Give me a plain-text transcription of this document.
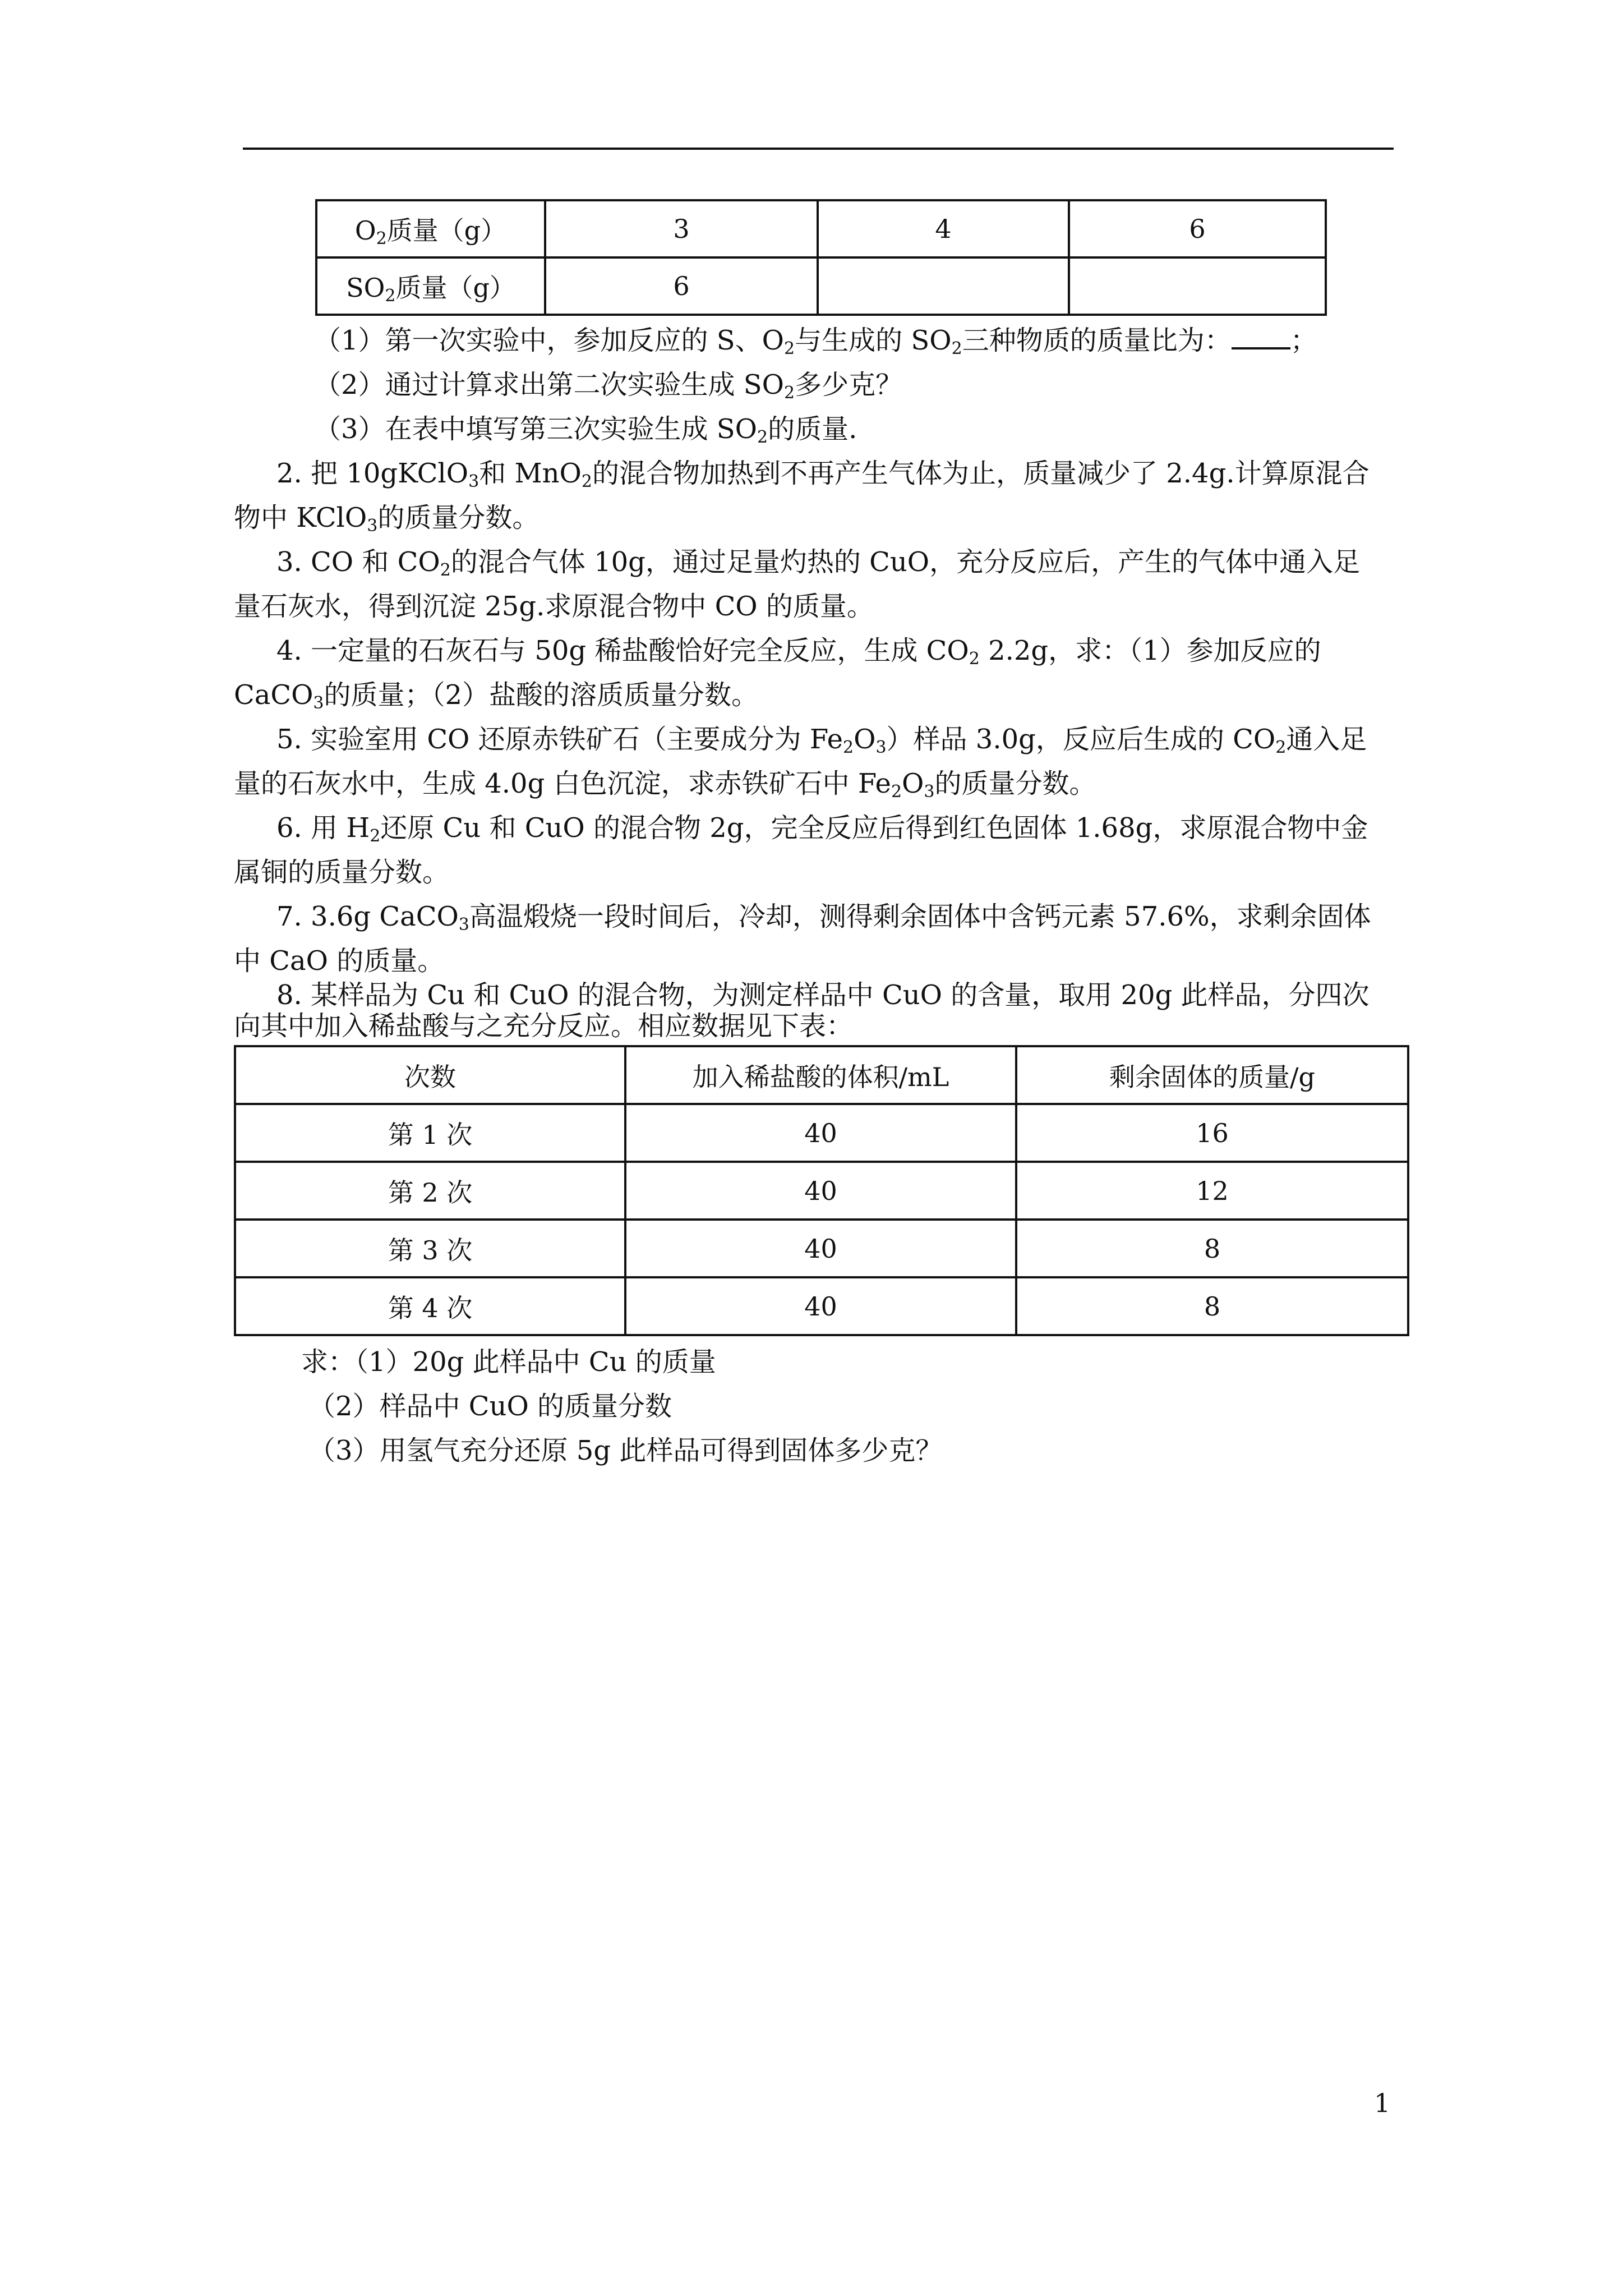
$O_2$质量（g）	3	4	6
$SO_2$质量（g）	6		
（1）第一次实验中，参加反应的 S、$O_2$与生成的 $SO_2$三种物质的质量比为： ；
（2）通过计算求出第二次实验生成 $SO_2$多少克？
（3）在表中填写第三次实验生成 $SO_2$的质量.
2. 把 10gKClO$_3$和 MnO$_2$的混合物加热到不再产生气体为止，质量减少了 2.4g.计算原混合
物中 KClO$_3$的质量分数。
3. CO 和 $CO_2$的混合气体 10g，通过足量灼热的 CuO，充分反应后，产生的气体中通入足
量石灰水，得到沉淀 25g.求原混合物中 CO 的质量。
4. 一定量的石灰石与 50g 稀盐酸恰好完全反应，生成 $CO_2$ 2.2g，求：（1）参加反应的
CaCO$_3$的质量；（2）盐酸的溶质质量分数。
5. 实验室用 CO 还原赤铁矿石（主要成分为 $Fe_2O_3$）样品 3.0g，反应后生成的 $CO_2$通入足
量的石灰水中，生成 4.0g 白色沉淀，求赤铁矿石中 $Fe_2O_3$的质量分数。
6. 用 $H_2$还原 Cu 和 CuO 的混合物 2g，完全反应后得到红色固体 1.68g，求原混合物中金
属铜的质量分数。
7. 3.6g CaCO$_3$高温煅烧一段时间后，冷却，测得剩余固体中含钙元素 57.6%，求剩余固体
中 CaO 的质量。
8. 某样品为 Cu 和 CuO 的混合物，为测定样品中 CuO 的含量，取用 20g 此样品，分四次
向其中加入稀盐酸与之充分反应。相应数据见下表：
次数	加入稀盐酸的体积/mL	剩余固体的质量/g
第 1 次	40	16
第 2 次	40	12
第 3 次	40	8
第 4 次	40	8
求：（1）20g 此样品中 Cu 的质量
（2）样品中 CuO 的质量分数
（3）用氢气充分还原 5g 此样品可得到固体多少克？
1
